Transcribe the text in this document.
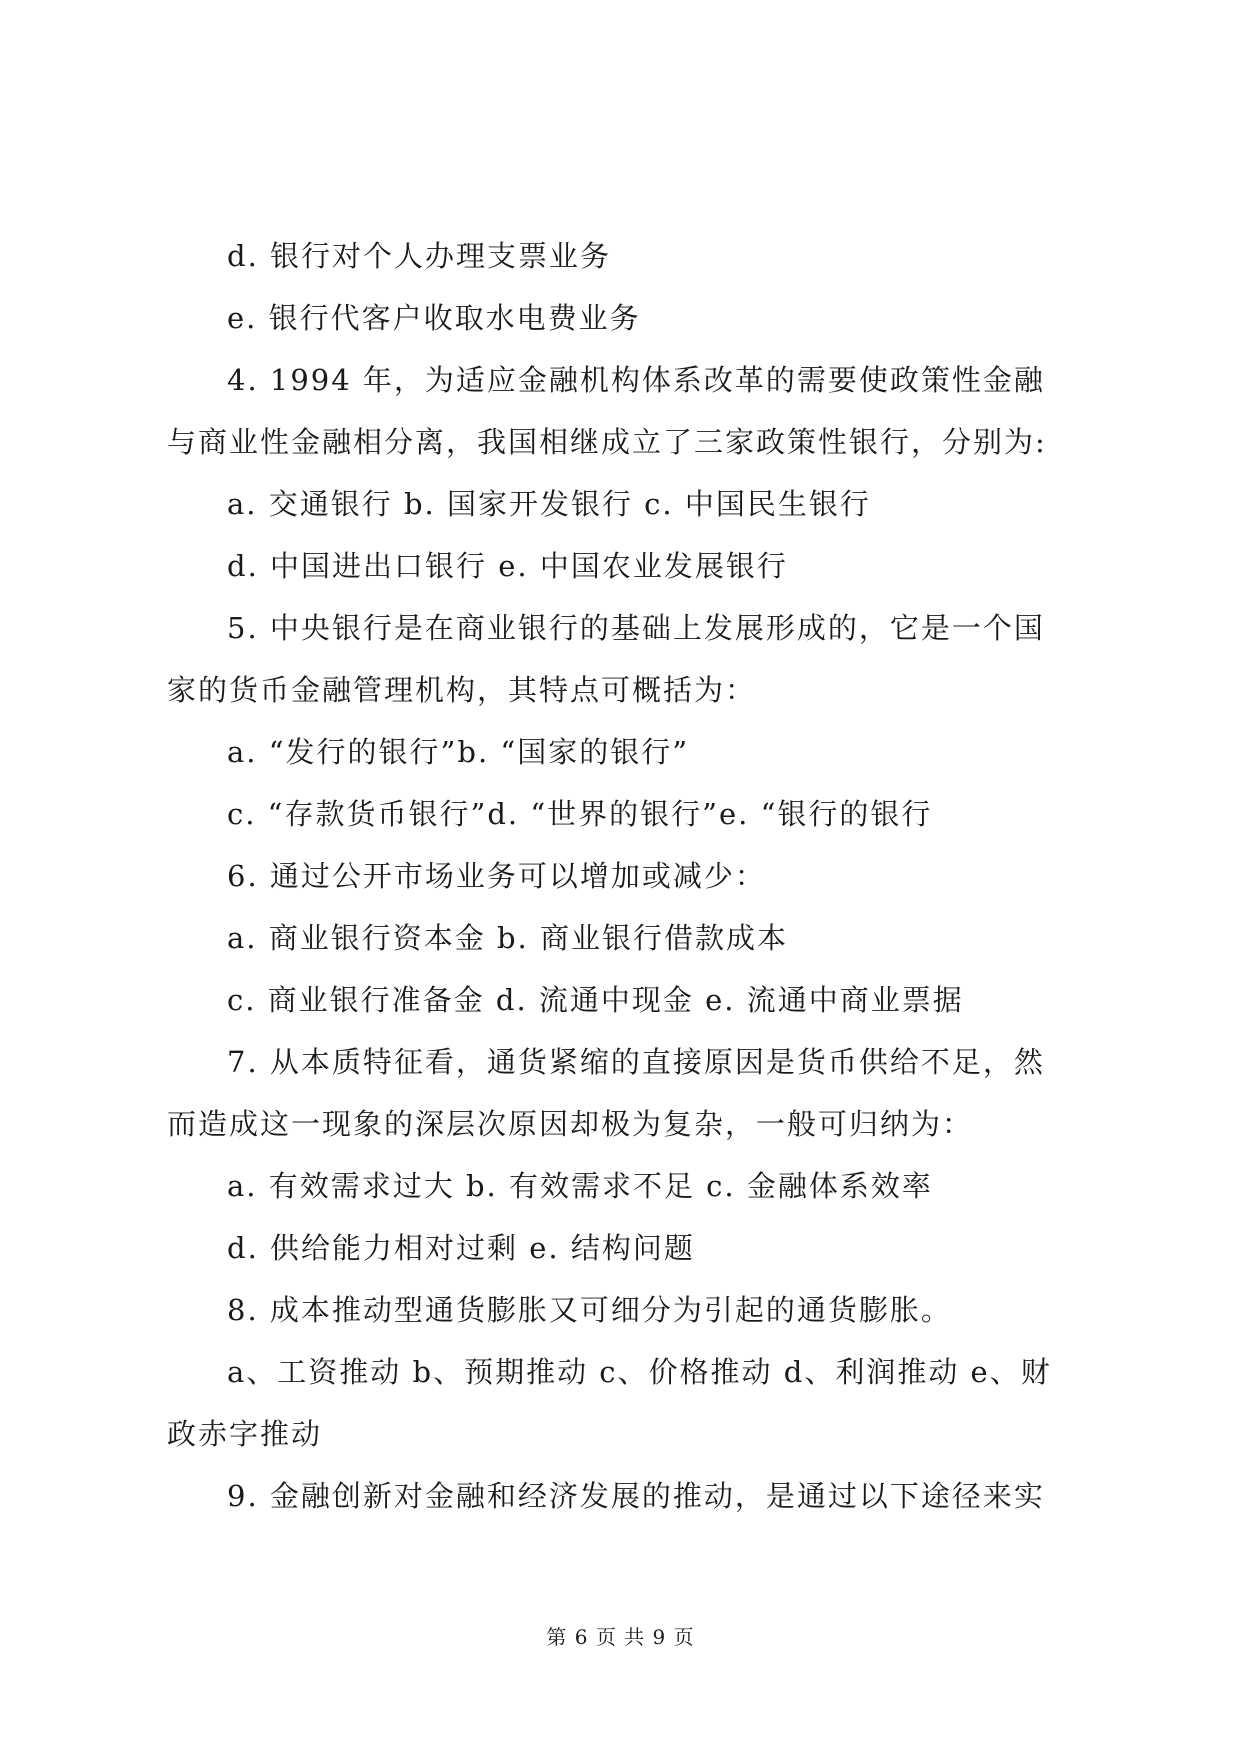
d. 银行对个人办理支票业务
e. 银行代客户收取水电费业务
4. 1994 年，为适应金融机构体系改革的需要使政策性金融
与商业性金融相分离，我国相继成立了三家政策性银行，分别为:
a. 交通银行 b. 国家开发银行 c. 中国民生银行
d. 中国进出口银行 e. 中国农业发展银行
5. 中央银行是在商业银行的基础上发展形成的，它是一个国
家的货币金融管理机构，其特点可概括为：
a. “发行的银行”b. “国家的银行”
c. “存款货币银行”d. “世界的银行”e. “银行的银行
6. 通过公开市场业务可以增加或减少：
a. 商业银行资本金 b. 商业银行借款成本
c. 商业银行准备金 d. 流通中现金 e. 流通中商业票据
7. 从本质特征看，通货紧缩的直接原因是货币供给不足，然
而造成这一现象的深层次原因却极为复杂，一般可归纳为：
a. 有效需求过大 b. 有效需求不足 c. 金融体系效率
d. 供给能力相对过剩 e. 结构问题
8. 成本推动型通货膨胀又可细分为引起的通货膨胀。
a、工资推动 b、预期推动 c、价格推动 d、利润推动 e、财
政赤字推动
9. 金融创新对金融和经济发展的推动，是通过以下途径来实
第 6 页 共 9 页
